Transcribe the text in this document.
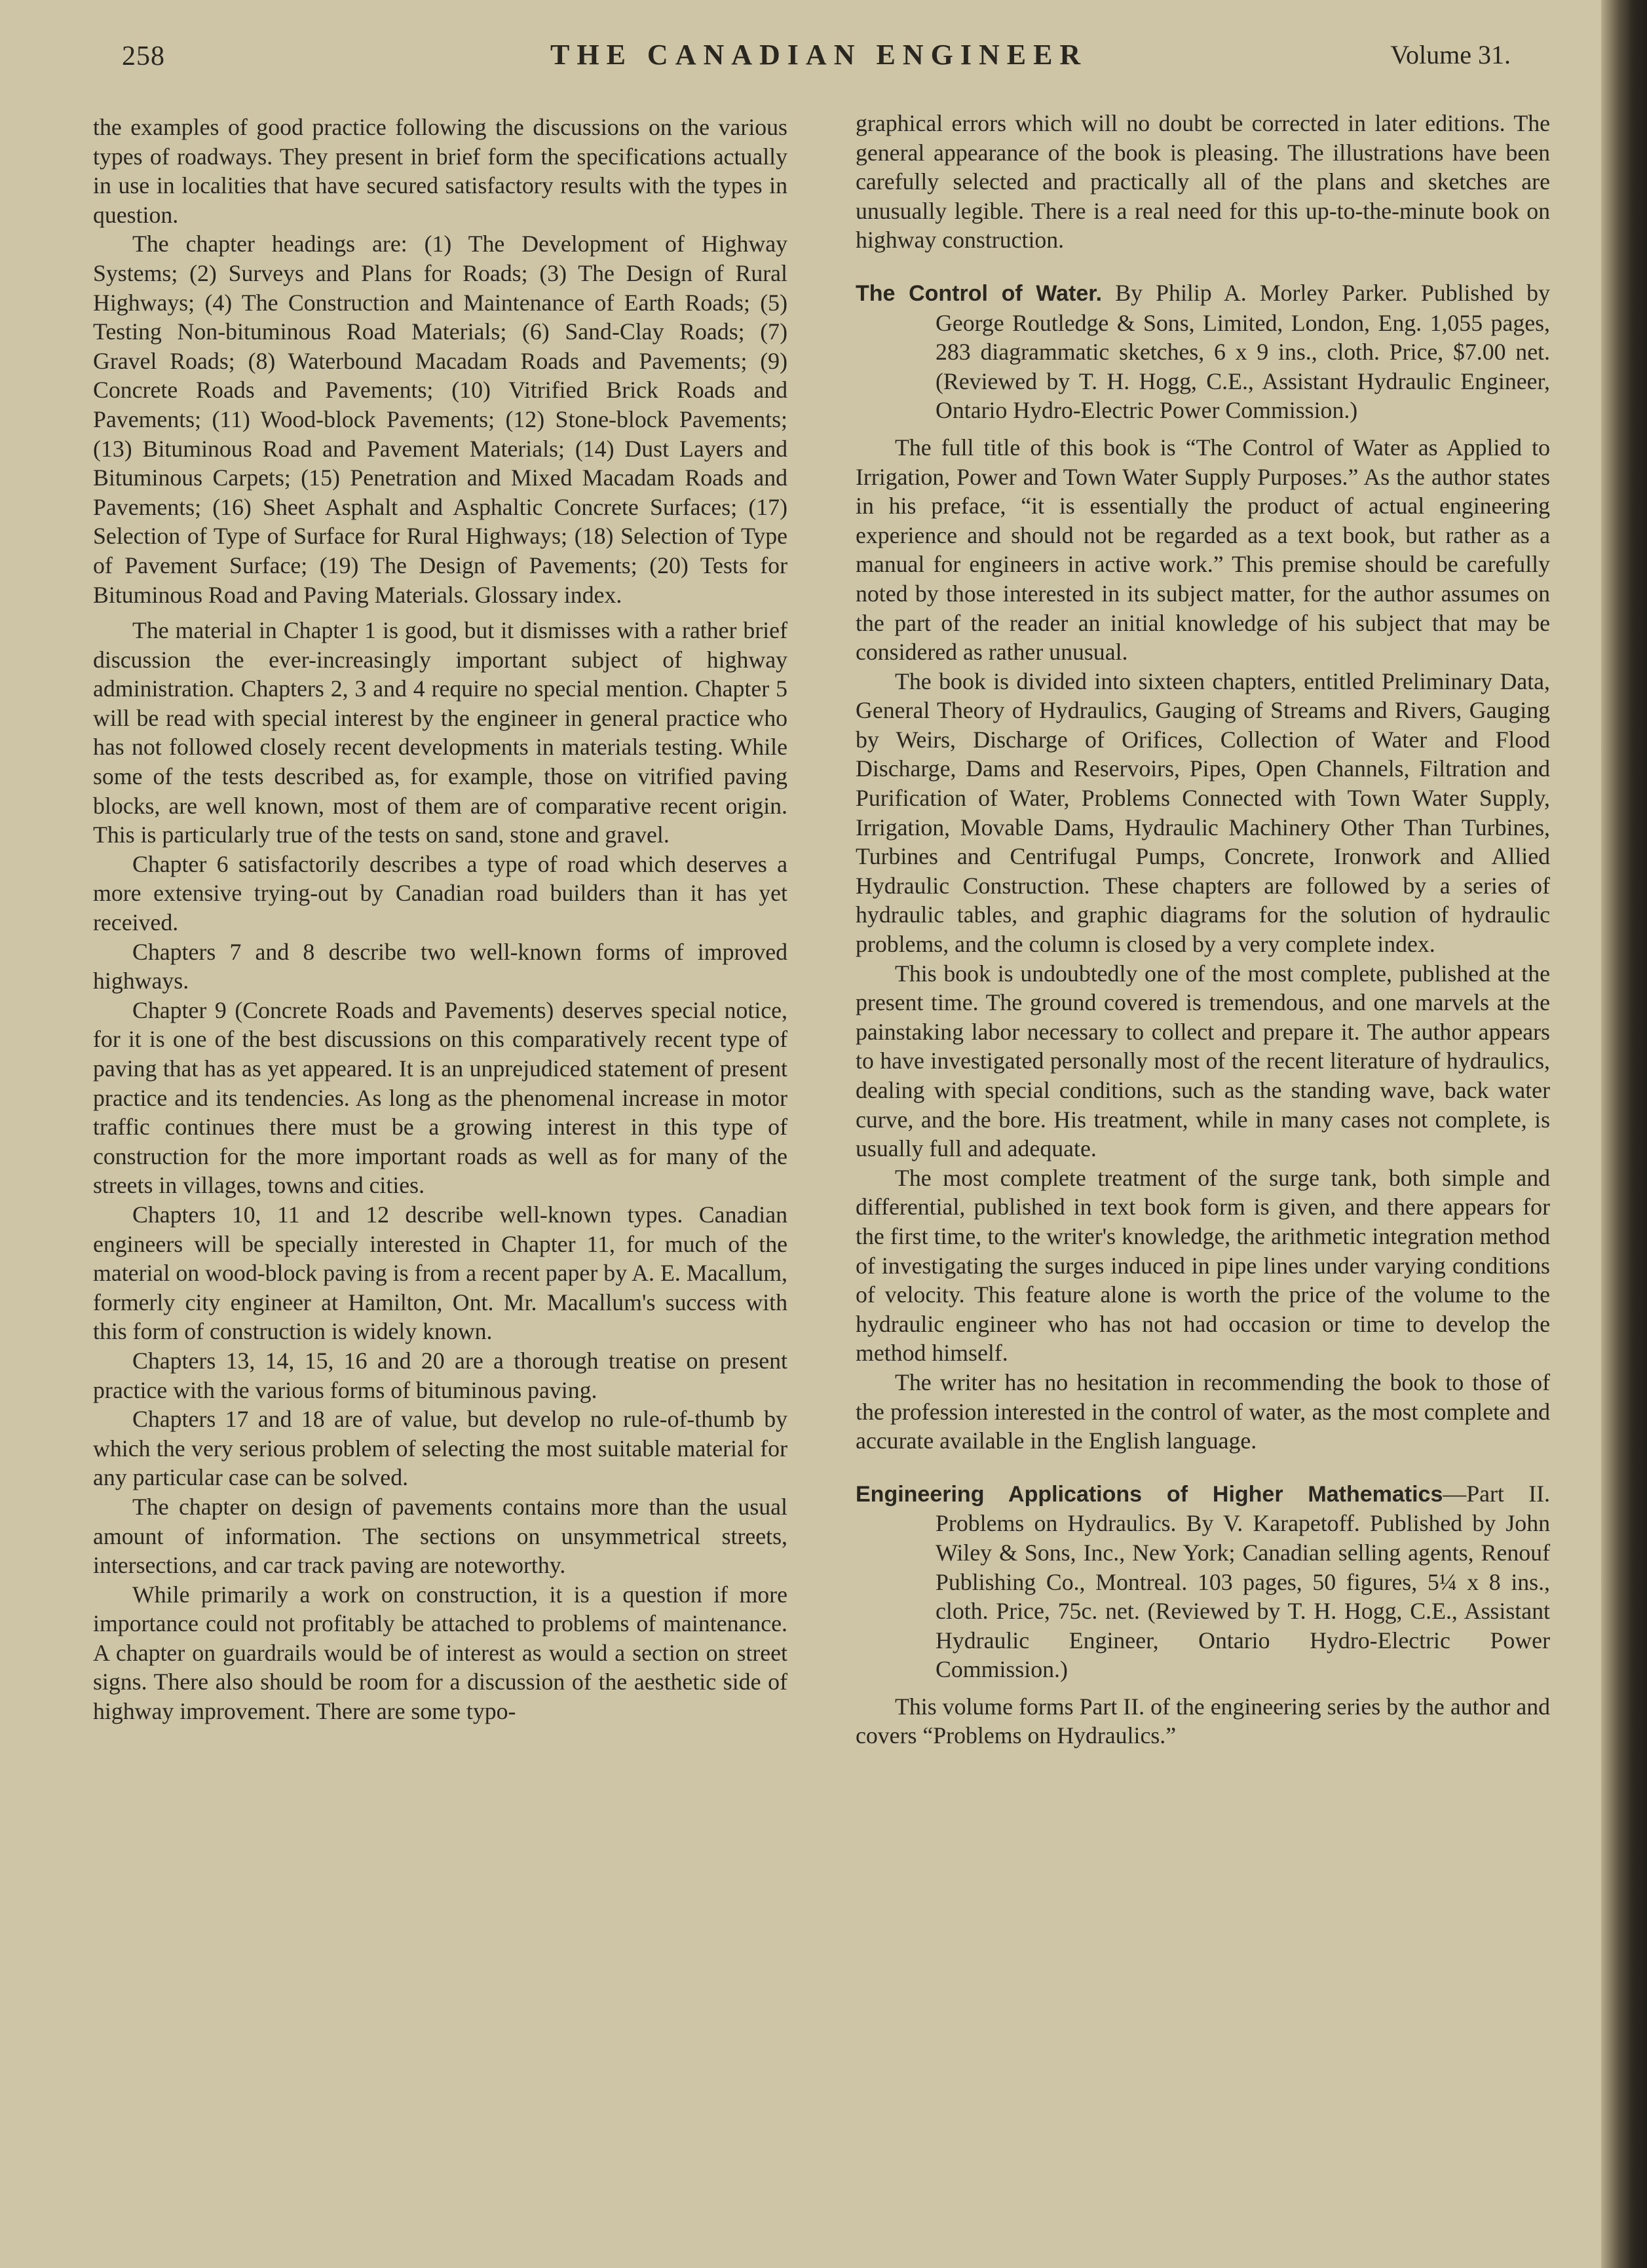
258	THE CANADIAN ENGINEER	Volume 31.

the examples of good practice following the discussions on the various types of roadways. They present in brief form the specifications actually in use in localities that have secured satisfactory results with the types in question.

The chapter headings are: (1) The Development of Highway Systems; (2) Surveys and Plans for Roads; (3) The Design of Rural Highways; (4) The Construction and Maintenance of Earth Roads; (5) Testing Non-bituminous Road Materials; (6) Sand-Clay Roads; (7) Gravel Roads; (8) Waterbound Macadam Roads and Pavements; (9) Concrete Roads and Pavements; (10) Vitrified Brick Roads and Pavements; (11) Wood-block Pavements; (12) Stone-block Pavements; (13) Bituminous Road and Pavement Materials; (14) Dust Layers and Bituminous Carpets; (15) Penetration and Mixed Macadam Roads and Pavements; (16) Sheet Asphalt and Asphaltic Concrete Surfaces; (17) Selection of Type of Surface for Rural Highways; (18) Selection of Type of Pavement Surface; (19) The Design of Pavements; (20) Tests for Bituminous Road and Paving Materials. Glossary index.

The material in Chapter 1 is good, but it dismisses with a rather brief discussion the ever-increasingly important subject of highway administration. Chapters 2, 3 and 4 require no special mention. Chapter 5 will be read with special interest by the engineer in general practice who has not followed closely recent developments in materials testing. While some of the tests described as, for example, those on vitrified paving blocks, are well known, most of them are of comparative recent origin. This is particularly true of the tests on sand, stone and gravel.

Chapter 6 satisfactorily describes a type of road which deserves a more extensive trying-out by Canadian road builders than it has yet received.

Chapters 7 and 8 describe two well-known forms of improved highways.

Chapter 9 (Concrete Roads and Pavements) deserves special notice, for it is one of the best discussions on this comparatively recent type of paving that has as yet appeared. It is an unprejudiced statement of present practice and its tendencies. As long as the phenomenal increase in motor traffic continues there must be a growing interest in this type of construction for the more important roads as well as for many of the streets in villages, towns and cities.

Chapters 10, 11 and 12 describe well-known types. Canadian engineers will be specially interested in Chapter 11, for much of the material on wood-block paving is from a recent paper by A. E. Macallum, formerly city engineer at Hamilton, Ont. Mr. Macallum's success with this form of construction is widely known.

Chapters 13, 14, 15, 16 and 20 are a thorough treatise on present practice with the various forms of bituminous paving.

Chapters 17 and 18 are of value, but develop no rule-of-thumb by which the very serious problem of selecting the most suitable material for any particular case can be solved.

The chapter on design of pavements contains more than the usual amount of information. The sections on unsymmetrical streets, intersections, and car track paving are noteworthy.

While primarily a work on construction, it is a question if more importance could not profitably be attached to problems of maintenance. A chapter on guardrails would be of interest as would a section on street signs. There also should be room for a discussion of the aesthetic side of highway improvement. There are some typo-

graphical errors which will no doubt be corrected in later editions. The general appearance of the book is pleasing. The illustrations have been carefully selected and practically all of the plans and sketches are unusually legible. There is a real need for this up-to-the-minute book on highway construction.

The Control of Water. By Philip A. Morley Parker. Published by George Routledge & Sons, Limited, London, Eng. 1,055 pages, 283 diagrammatic sketches, 6 x 9 ins., cloth. Price, $7.00 net. (Reviewed by T. H. Hogg, C.E., Assistant Hydraulic Engineer, Ontario Hydro-Electric Power Commission.)

The full title of this book is “The Control of Water as Applied to Irrigation, Power and Town Water Supply Purposes.” As the author states in his preface, “it is essentially the product of actual engineering experience and should not be regarded as a text book, but rather as a manual for engineers in active work.” This premise should be carefully noted by those interested in its subject matter, for the author assumes on the part of the reader an initial knowledge of his subject that may be considered as rather unusual.

The book is divided into sixteen chapters, entitled Preliminary Data, General Theory of Hydraulics, Gauging of Streams and Rivers, Gauging by Weirs, Discharge of Orifices, Collection of Water and Flood Discharge, Dams and Reservoirs, Pipes, Open Channels, Filtration and Purification of Water, Problems Connected with Town Water Supply, Irrigation, Movable Dams, Hydraulic Machinery Other Than Turbines, Turbines and Centrifugal Pumps, Concrete, Ironwork and Allied Hydraulic Construction. These chapters are followed by a series of hydraulic tables, and graphic diagrams for the solution of hydraulic problems, and the column is closed by a very complete index.

This book is undoubtedly one of the most complete, published at the present time. The ground covered is tremendous, and one marvels at the painstaking labor necessary to collect and prepare it. The author appears to have investigated personally most of the recent literature of hydraulics, dealing with special conditions, such as the standing wave, back water curve, and the bore. His treatment, while in many cases not complete, is usually full and adequate.

The most complete treatment of the surge tank, both simple and differential, published in text book form is given, and there appears for the first time, to the writer's knowledge, the arithmetic integration method of investigating the surges induced in pipe lines under varying conditions of velocity. This feature alone is worth the price of the volume to the hydraulic engineer who has not had occasion or time to develop the method himself.

The writer has no hesitation in recommending the book to those of the profession interested in the control of water, as the most complete and accurate available in the English language.

Engineering Applications of Higher Mathematics—Part II. Problems on Hydraulics. By V. Karapetoff. Published by John Wiley & Sons, Inc., New York; Canadian selling agents, Renouf Publishing Co., Montreal. 103 pages, 50 figures, 5¼ x 8 ins., cloth. Price, 75c. net. (Reviewed by T. H. Hogg, C.E., Assistant Hydraulic Engineer, Ontario Hydro-Electric Power Commission.)

This volume forms Part II. of the engineering series by the author and covers “Problems on Hydraulics.”
